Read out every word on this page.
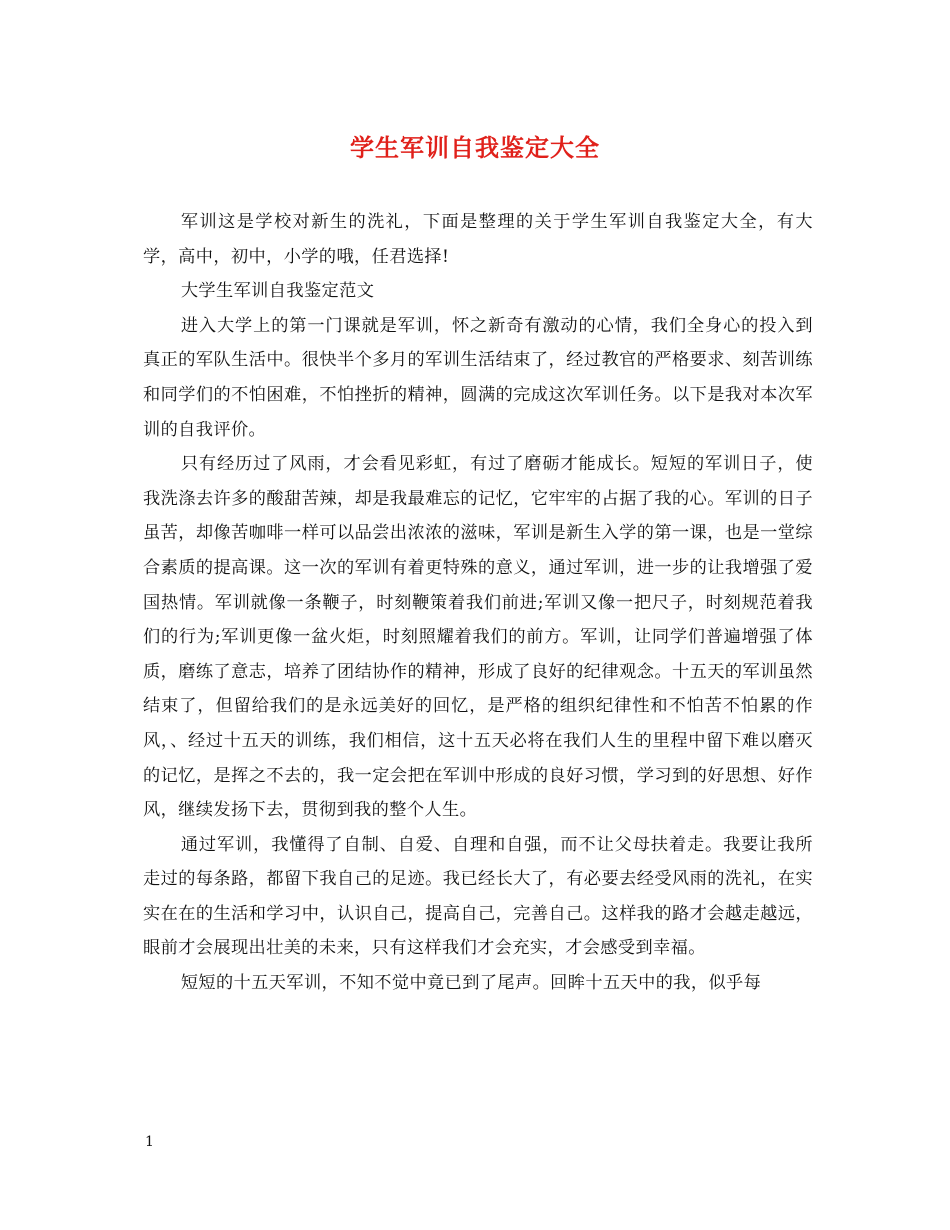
学生军训自我鉴定大全

军训这是学校对新生的洗礼，下面是整理的关于学生军训自我鉴定大全，有大学，高中，初中，小学的哦，任君选择!

大学生军训自我鉴定范文

进入大学上的第一门课就是军训，怀之新奇有激动的心情，我们全身心的投入到真正的军队生活中。很快半个多月的军训生活结束了，经过教官的严格要求、刻苦训练和同学们的不怕困难，不怕挫折的精神，圆满的完成这次军训任务。以下是我对本次军训的自我评价。

只有经历过了风雨，才会看见彩虹，有过了磨砺才能成长。短短的军训日子，使我洗涤去许多的酸甜苦辣，却是我最难忘的记忆，它牢牢的占据了我的心。军训的日子虽苦，却像苦咖啡一样可以品尝出浓浓的滋味，军训是新生入学的第一课，也是一堂综合素质的提高课。这一次的军训有着更特殊的意义，通过军训，进一步的让我增强了爱国热情。军训就像一条鞭子，时刻鞭策着我们前进;军训又像一把尺子，时刻规范着我们的行为;军训更像一盆火炬，时刻照耀着我们的前方。军训，让同学们普遍增强了体质，磨练了意志，培养了团结协作的精神，形成了良好的纪律观念。十五天的军训虽然结束了，但留给我们的是永远美好的回忆，是严格的组织纪律性和不怕苦不怕累的作风，、经过十五天的训练，我们相信，这十五天必将在我们人生的里程中留下难以磨灭的记忆，是挥之不去的，我一定会把在军训中形成的良好习惯，学习到的好思想、好作风，继续发扬下去，贯彻到我的整个人生。

通过军训，我懂得了自制、自爱、自理和自强，而不让父母扶着走。我要让我所走过的每条路，都留下我自己的足迹。我已经长大了，有必要去经受风雨的洗礼，在实实在在的生活和学习中，认识自己，提高自己，完善自己。这样我的路才会越走越远，眼前才会展现出壮美的未来，只有这样我们才会充实，才会感受到幸福。

短短的十五天军训，不知不觉中竟已到了尾声。回眸十五天中的我，似乎每

1
